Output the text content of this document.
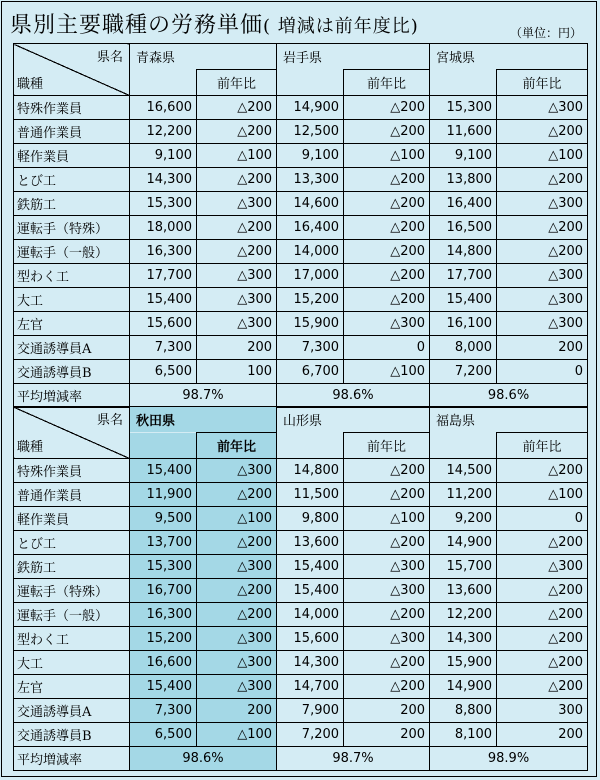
県別主要職種の労務単価( 増減は前年度比)	（単位：円）
県名
職種	青森県		岩手県		宮城県	
		前年比		前年比		前年比
特殊作業員	16,600	△200	14,900	△200	15,300	△300
普通作業員	12,200	△200	12,500	△200	11,600	△200
軽作業員	9,100	△100	9,100	△100	9,100	△100
とび工	14,300	△200	13,300	△200	13,800	△200
鉄筋工	15,300	△300	14,600	△200	16,400	△300
運転手（特殊）	18,000	△200	16,400	△200	16,500	△200
運転手（一般）	16,300	△200	14,000	△200	14,800	△200
型わく工	17,700	△300	17,000	△200	17,700	△300
大工	15,400	△300	15,200	△200	15,400	△300
左官	15,600	△300	15,900	△300	16,100	△300
交通誘導員A	7,300	200	7,300	0	8,000	200
交通誘導員B	6,500	100	6,700	△100	7,200	0
平均増減率	98.7%		98.6%		98.6%	
県名
職種	秋田県		山形県		福島県	
		前年比		前年比		前年比
特殊作業員	15,400	△300	14,800	△200	14,500	△200
普通作業員	11,900	△200	11,500	△200	11,200	△100
軽作業員	9,500	△100	9,800	△100	9,200	0
とび工	13,700	△200	13,600	△200	14,900	△200
鉄筋工	15,300	△300	15,400	△300	15,700	△300
運転手（特殊）	16,700	△200	15,400	△300	13,600	△200
運転手（一般）	16,300	△200	14,000	△200	12,200	△200
型わく工	15,200	△300	15,600	△300	14,300	△200
大工	16,600	△300	14,300	△200	15,900	△200
左官	15,400	△300	14,700	△200	14,900	△200
交通誘導員A	7,300	200	7,900	200	8,800	300
交通誘導員B	6,500	△100	7,200	200	8,100	200
平均増減率	98.6%		98.7%		98.9%	
